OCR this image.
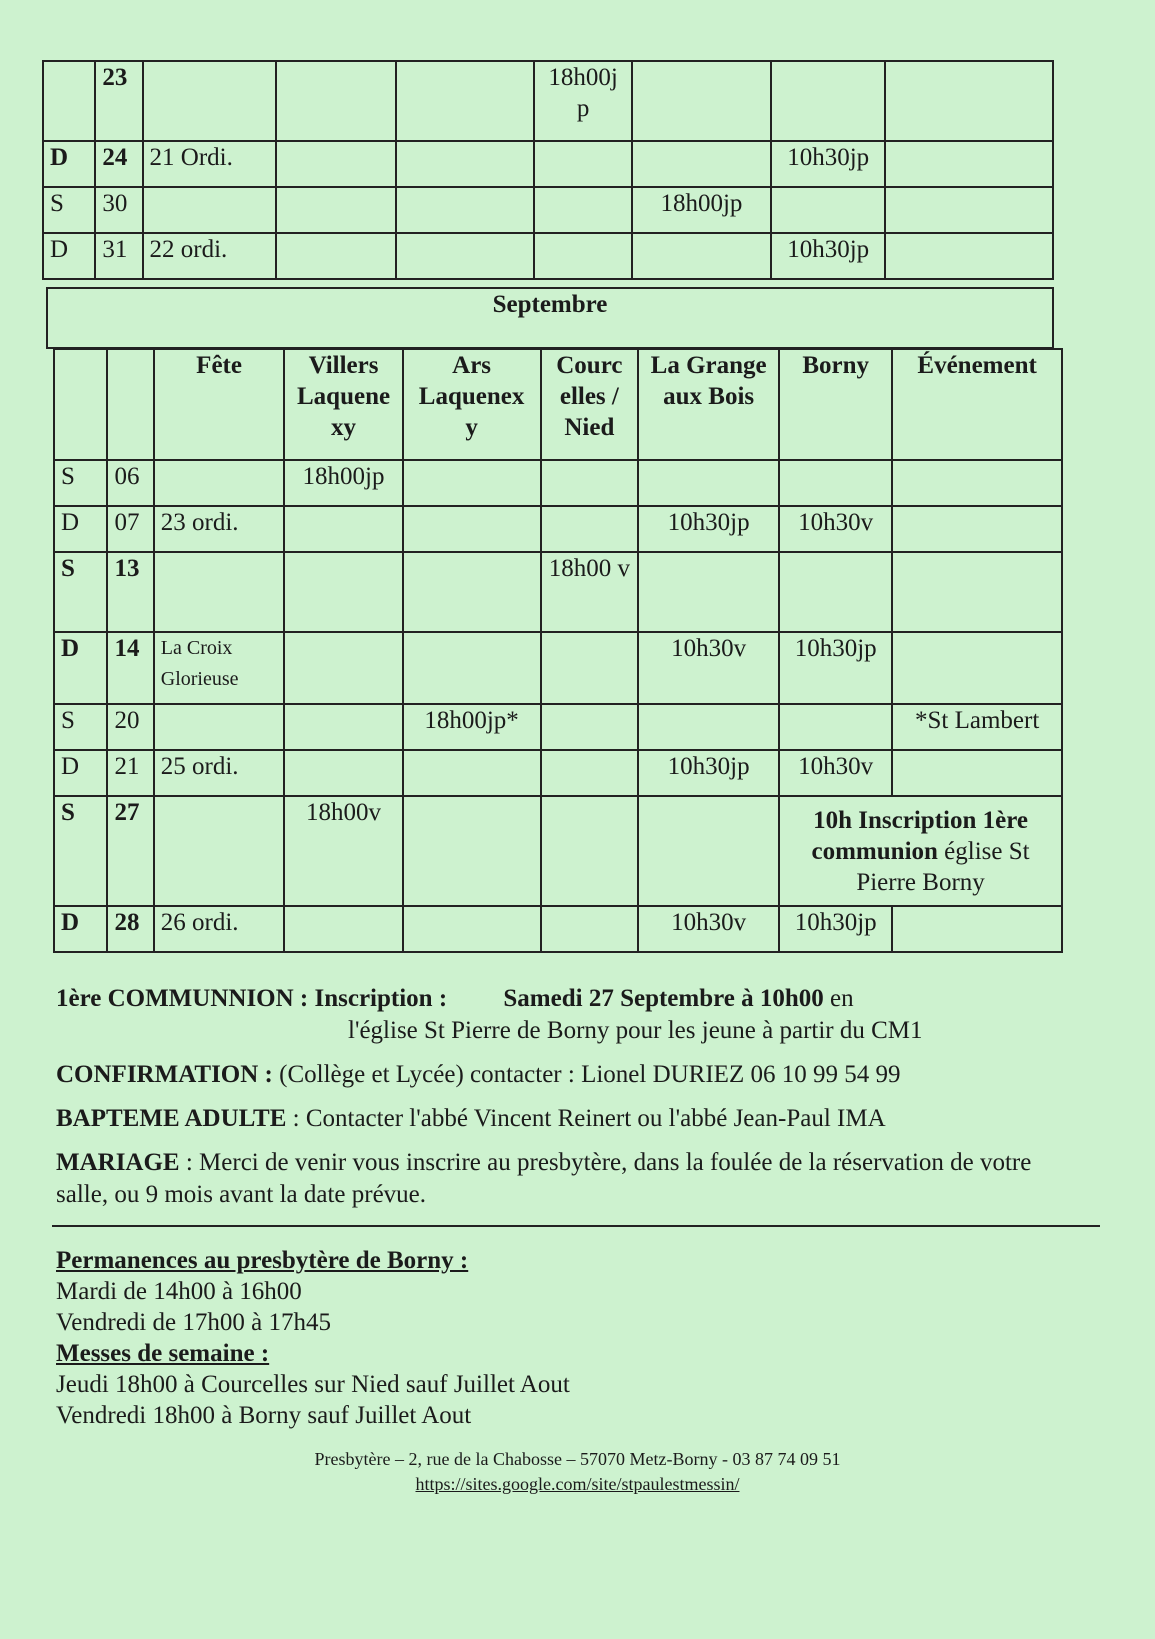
	23				18h00j p			
D	24	21 Ordi.					10h30jp	
S	30					18h00jp		
D	31	22 ordi.					10h30jp	
Septembre
		Fête	Villers Laquene xy	Ars Laquenex y	Courc elles / Nied	La Grange aux Bois	Borny	Événement
S	06		18h00jp					
D	07	23 ordi.				10h30jp	10h30v	
S	13				18h00 v			
D	14	La Croix Glorieuse				10h30v	10h30jp	
S	20			18h00jp*				*St Lambert
D	21	25 ordi.				10h30jp	10h30v	
S	27		18h00v				10h Inscription 1ère communion église St Pierre Borny	
D	28	26 ordi.				10h30v	10h30jp	
1ère COMMUNNION : Inscription : Samedi 27 Septembre à 10h00 en
l'église St Pierre de Borny pour les jeune à partir du CM1
CONFIRMATION : (Collège et Lycée) contacter : Lionel DURIEZ 06 10 99 54 99
BAPTEME ADULTE : Contacter l'abbé Vincent Reinert ou l'abbé Jean-Paul IMA
MARIAGE : Merci de venir vous inscrire au presbytère, dans la foulée de la réservation de votre salle, ou 9 mois avant la date prévue.
Permanences au presbytère de Borny :
Mardi de 14h00 à 16h00
Vendredi de 17h00 à 17h45
Messes de semaine :
Jeudi 18h00 à Courcelles sur Nied sauf Juillet Aout
Vendredi 18h00 à Borny sauf Juillet Aout
Presbytère – 2, rue de la Chabosse – 57070 Metz-Borny - 03 87 74 09 51
https://sites.google.com/site/stpaulestmessin/
